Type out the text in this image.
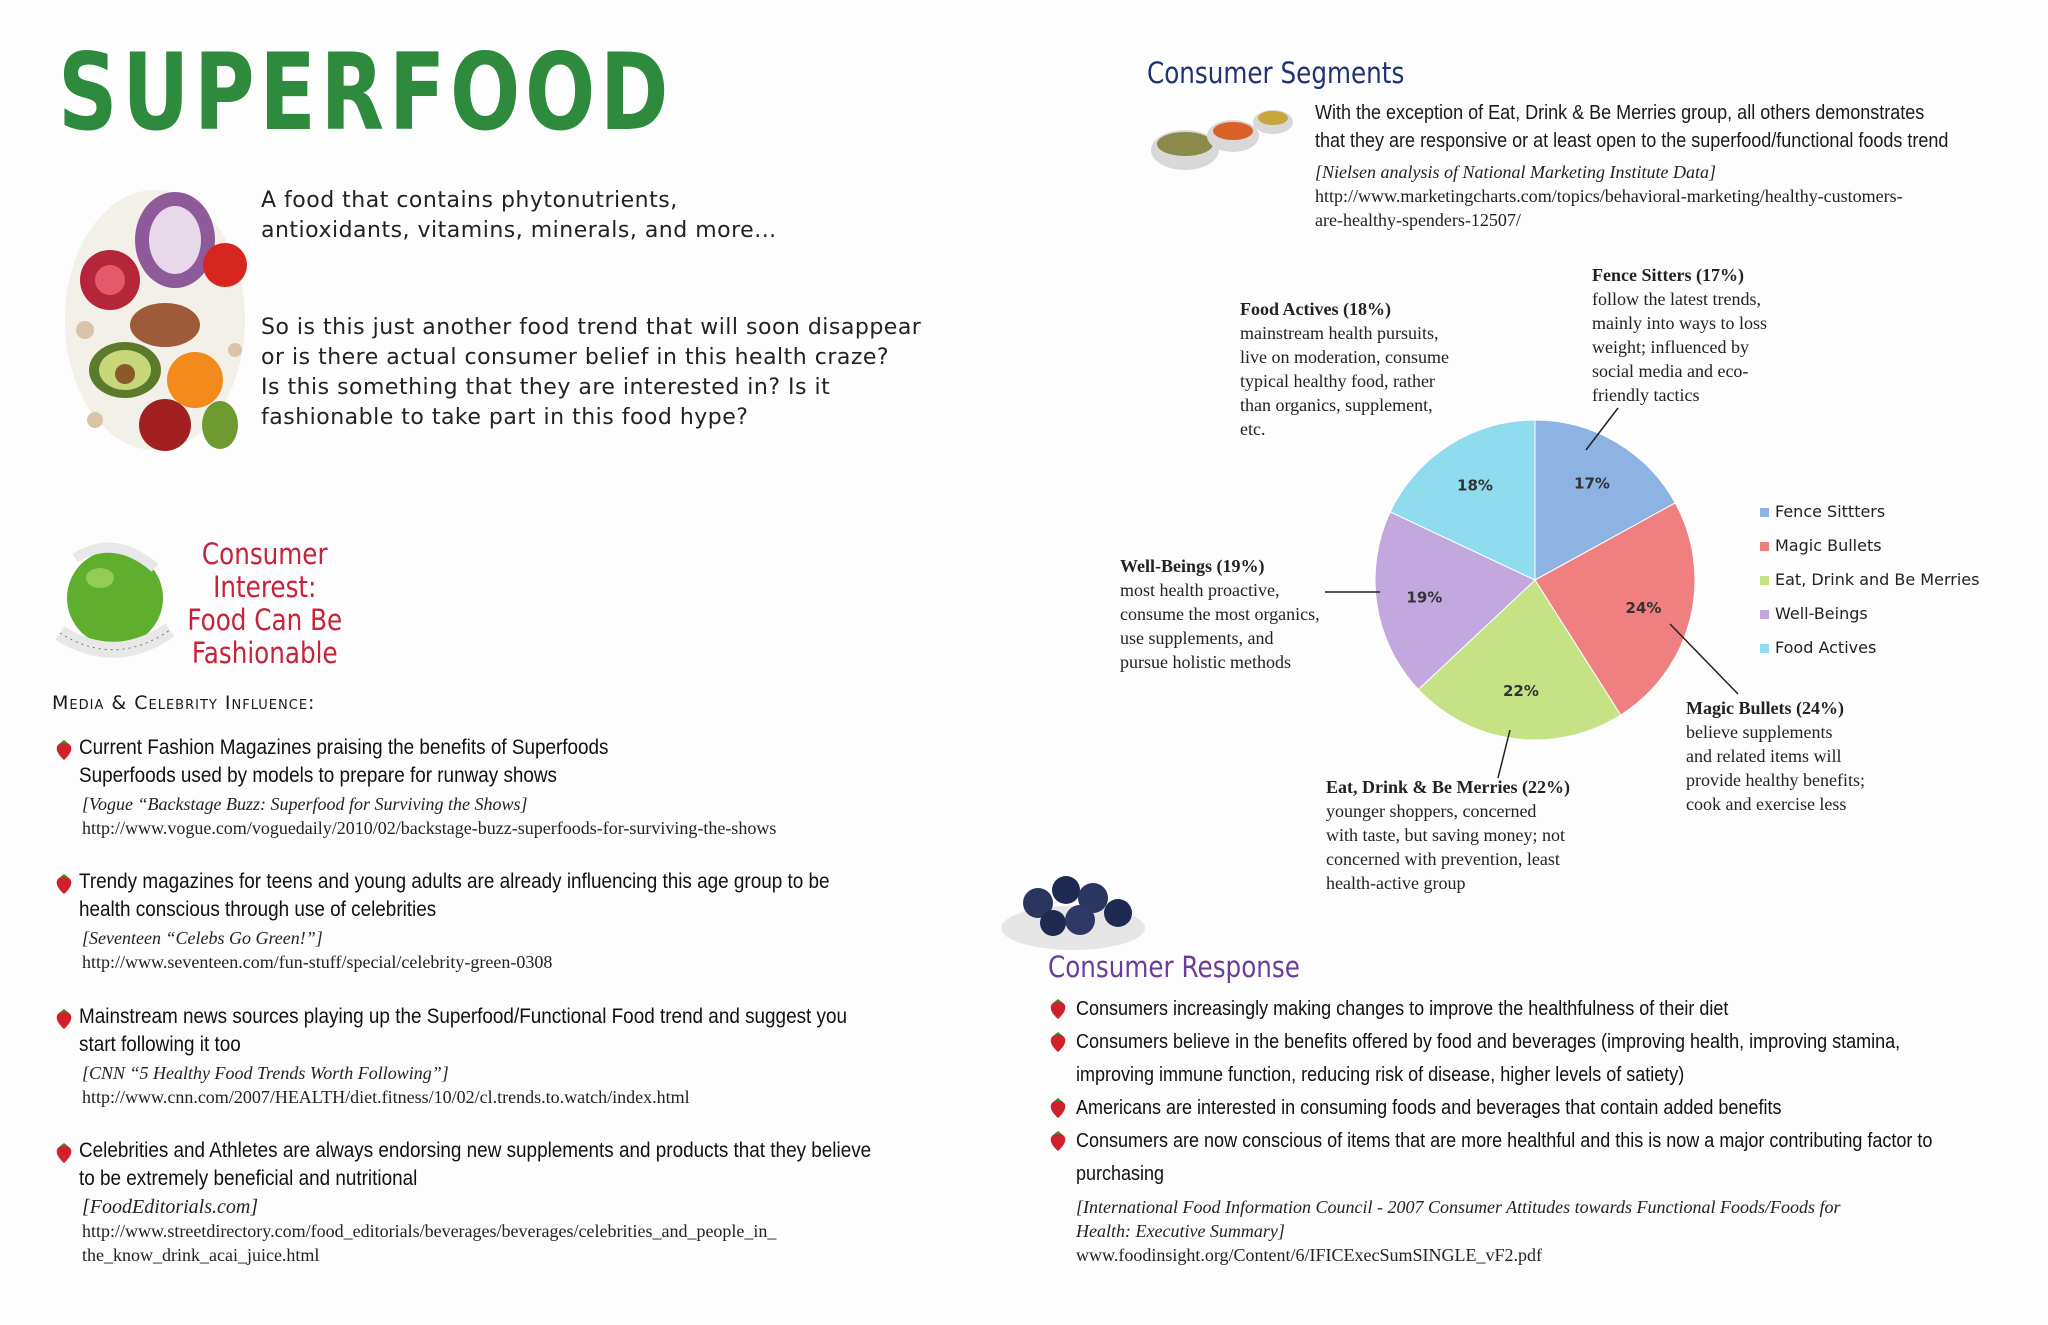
SUPERFOOD
A food that contains phytonutrients,
antioxidants, vitamins, minerals, and more...
So is this just another food trend that will soon disappear
or is there actual consumer belief in this health craze?
Is this something that they are interested in? Is it
fashionable to take part in this food hype?
Consumer Interest:
Food Can Be
Fashionable
Media & Celebrity Influence:
Current Fashion Magazines praising the benefits of Superfoods
Superfoods used by models to prepare for runway shows
[Vogue “Backstage Buzz: Superfood for Surviving the Shows]
http://www.vogue.com/voguedaily/2010/02/backstage-buzz-superfoods-for-surviving-the-shows
Trendy magazines for teens and young adults are already influencing this age group to be
health conscious through use of celebrities
[Seventeen “Celebs Go Green!”]
http://www.seventeen.com/fun-stuff/special/celebrity-green-0308
Mainstream news sources playing up the Superfood/Functional Food trend and suggest you
start following it too
[CNN “5 Healthy Food Trends Worth Following”]
http://www.cnn.com/2007/HEALTH/diet.fitness/10/02/cl.trends.to.watch/index.html
Celebrities and Athletes are always endorsing new supplements and products that they believe
to be extremely beneficial and nutritional
[FoodEditorials.com]
http://www.streetdirectory.com/food_editorials/beverages/beverages/celebrities_and_people_in_
the_know_drink_acai_juice.html
Consumer Segments
With the exception of Eat, Drink & Be Merries group, all others demonstrates
that they are responsive or at least open to the superfood/functional foods trend
[Nielsen analysis of National Marketing Institute Data]
http://www.marketingcharts.com/topics/behavioral-marketing/healthy-customers-
are-healthy-spenders-12507/
17%
24%
22%
19%
18%
Fence Sittters
Magic Bullets
Eat, Drink and Be Merries
Well-Beings
Food Actives
Food Actives (18%)
mainstream health pursuits,
live on moderation, consume
typical healthy food, rather
than organics, supplement,
etc.
Fence Sitters (17%)
follow the latest trends,
mainly into ways to loss
weight; influenced by
social media and eco-
friendly tactics
Well-Beings (19%)
most health proactive,
consume the most organics,
use supplements, and
pursue holistic methods
Magic Bullets (24%)
believe supplements
and related items will
provide healthy benefits;
cook and exercise less
Eat, Drink & Be Merries (22%)
younger shoppers, concerned
with taste, but saving money; not
concerned with prevention, least
health-active group
Consumer Response
Consumers increasingly making changes to improve the healthfulness of their diet
Consumers believe in the benefits offered by food and beverages (improving health, improving stamina,
improving immune function, reducing risk of disease, higher levels of satiety)
Americans are interested in consuming foods and beverages that contain added benefits
Consumers are now conscious of items that are more healthful and this is now a major contributing factor to
purchasing
[International Food Information Council - 2007 Consumer Attitudes towards Functional Foods/Foods for
Health: Executive Summary]
www.foodinsight.org/Content/6/IFICExecSumSINGLE_vF2.pdf
